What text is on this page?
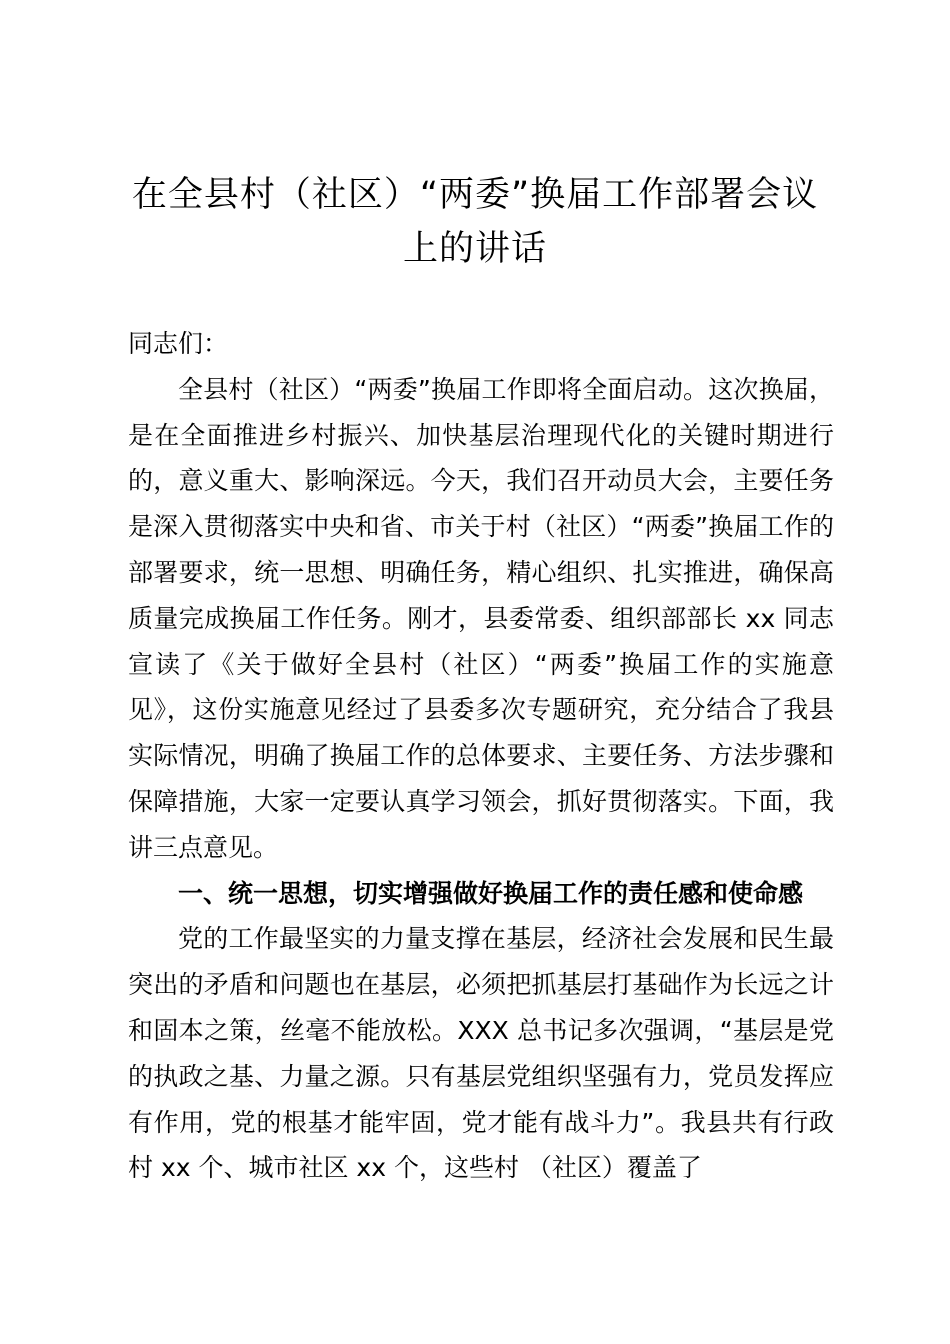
在全县村（社区）“两委”换届工作部署会议
上的讲话

同志们：

全县村（社区）“两委”换届工作即将全面启动。这次换届，是在全面推进乡村振兴、加快基层治理现代化的关键时期进行的，意义重大、影响深远。今天，我们召开动员大会，主要任务是深入贯彻落实中央和省、市关于村（社区）“两委”换届工作的部署要求，统一思想、明确任务，精心组织、扎实推进，确保高质量完成换届工作任务。刚才，县委常委、组织部部长 xx 同志宣读了《关于做好全县村（社区）“两委”换届工作的实施意见》，这份实施意见经过了县委多次专题研究，充分结合了我县实际情况，明确了换届工作的总体要求、主要任务、方法步骤和保障措施，大家一定要认真学习领会，抓好贯彻落实。下面，我讲三点意见。

一、统一思想，切实增强做好换届工作的责任感和使命感

党的工作最坚实的力量支撑在基层，经济社会发展和民生最突出的矛盾和问题也在基层，必须把抓基层打基础作为长远之计和固本之策，丝毫不能放松。XXX 总书记多次强调，“基层是党的执政之基、力量之源。只有基层党组织坚强有力，党员发挥应有作用，党的根基才能牢固，党才能有战斗力”。我县共有行政村 xx 个、城市社区 xx 个，这些村 （社区）覆盖了
